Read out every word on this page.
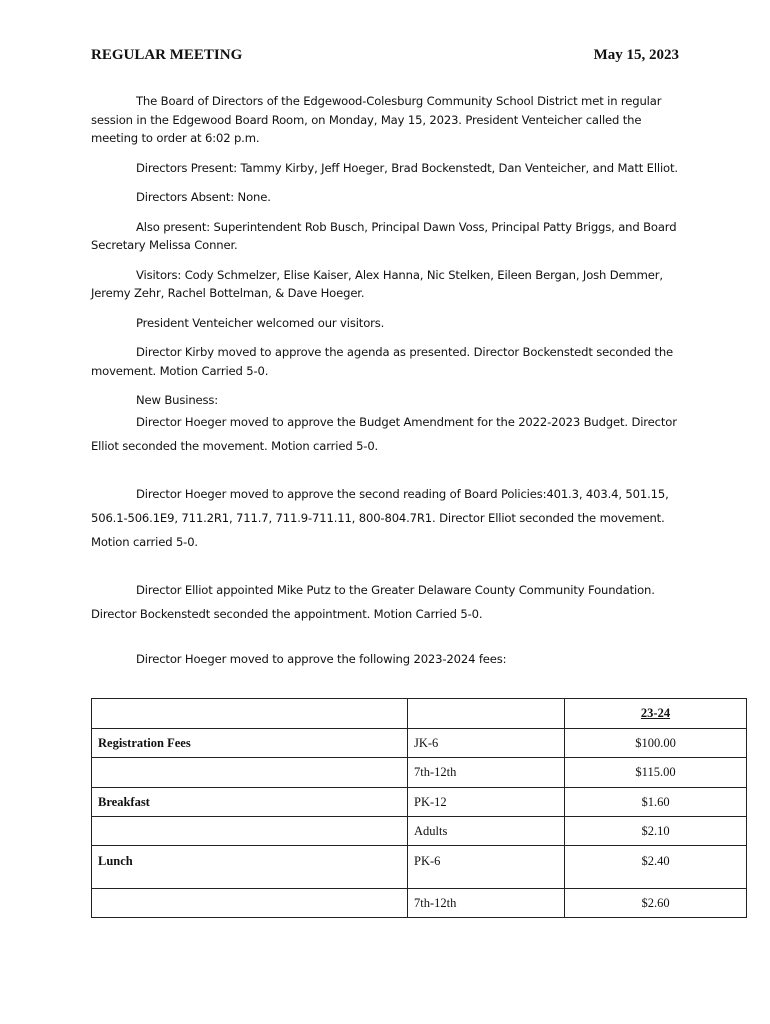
REGULAR MEETING	May 15, 2023

The Board of Directors of the Edgewood-Colesburg Community School District met in regular session in the Edgewood Board Room, on Monday, May 15, 2023. President Venteicher called the meeting to order at 6:02 p.m.

Directors Present: Tammy Kirby, Jeff Hoeger, Brad Bockenstedt, Dan Venteicher, and Matt Elliot.

Directors Absent: None.

Also present: Superintendent Rob Busch, Principal Dawn Voss, Principal Patty Briggs, and Board Secretary Melissa Conner.

Visitors: Cody Schmelzer, Elise Kaiser, Alex Hanna, Nic Stelken, Eileen Bergan, Josh Demmer, Jeremy Zehr, Rachel Bottelman, & Dave Hoeger.

President Venteicher welcomed our visitors.

Director Kirby moved to approve the agenda as presented. Director Bockenstedt seconded the movement. Motion Carried 5-0.

New Business:

Director Hoeger moved to approve the Budget Amendment for the 2022-2023 Budget. Director Elliot seconded the movement. Motion carried 5-0.

Director Hoeger moved to approve the second reading of Board Policies:401.3, 403.4, 501.15, 506.1-506.1E9, 711.2R1, 711.7, 711.9-711.11, 800-804.7R1. Director Elliot seconded the movement. Motion carried 5-0.

Director Elliot appointed Mike Putz to the Greater Delaware County Community Foundation. Director Bockenstedt seconded the appointment. Motion Carried 5-0.

Director Hoeger moved to approve the following 2023-2024 fees:

		23-24
Registration Fees	JK-6	$100.00
	7th-12th	$115.00
Breakfast	PK-12	$1.60
	Adults	$2.10
Lunch	PK-6	$2.40
	7th-12th	$2.60
